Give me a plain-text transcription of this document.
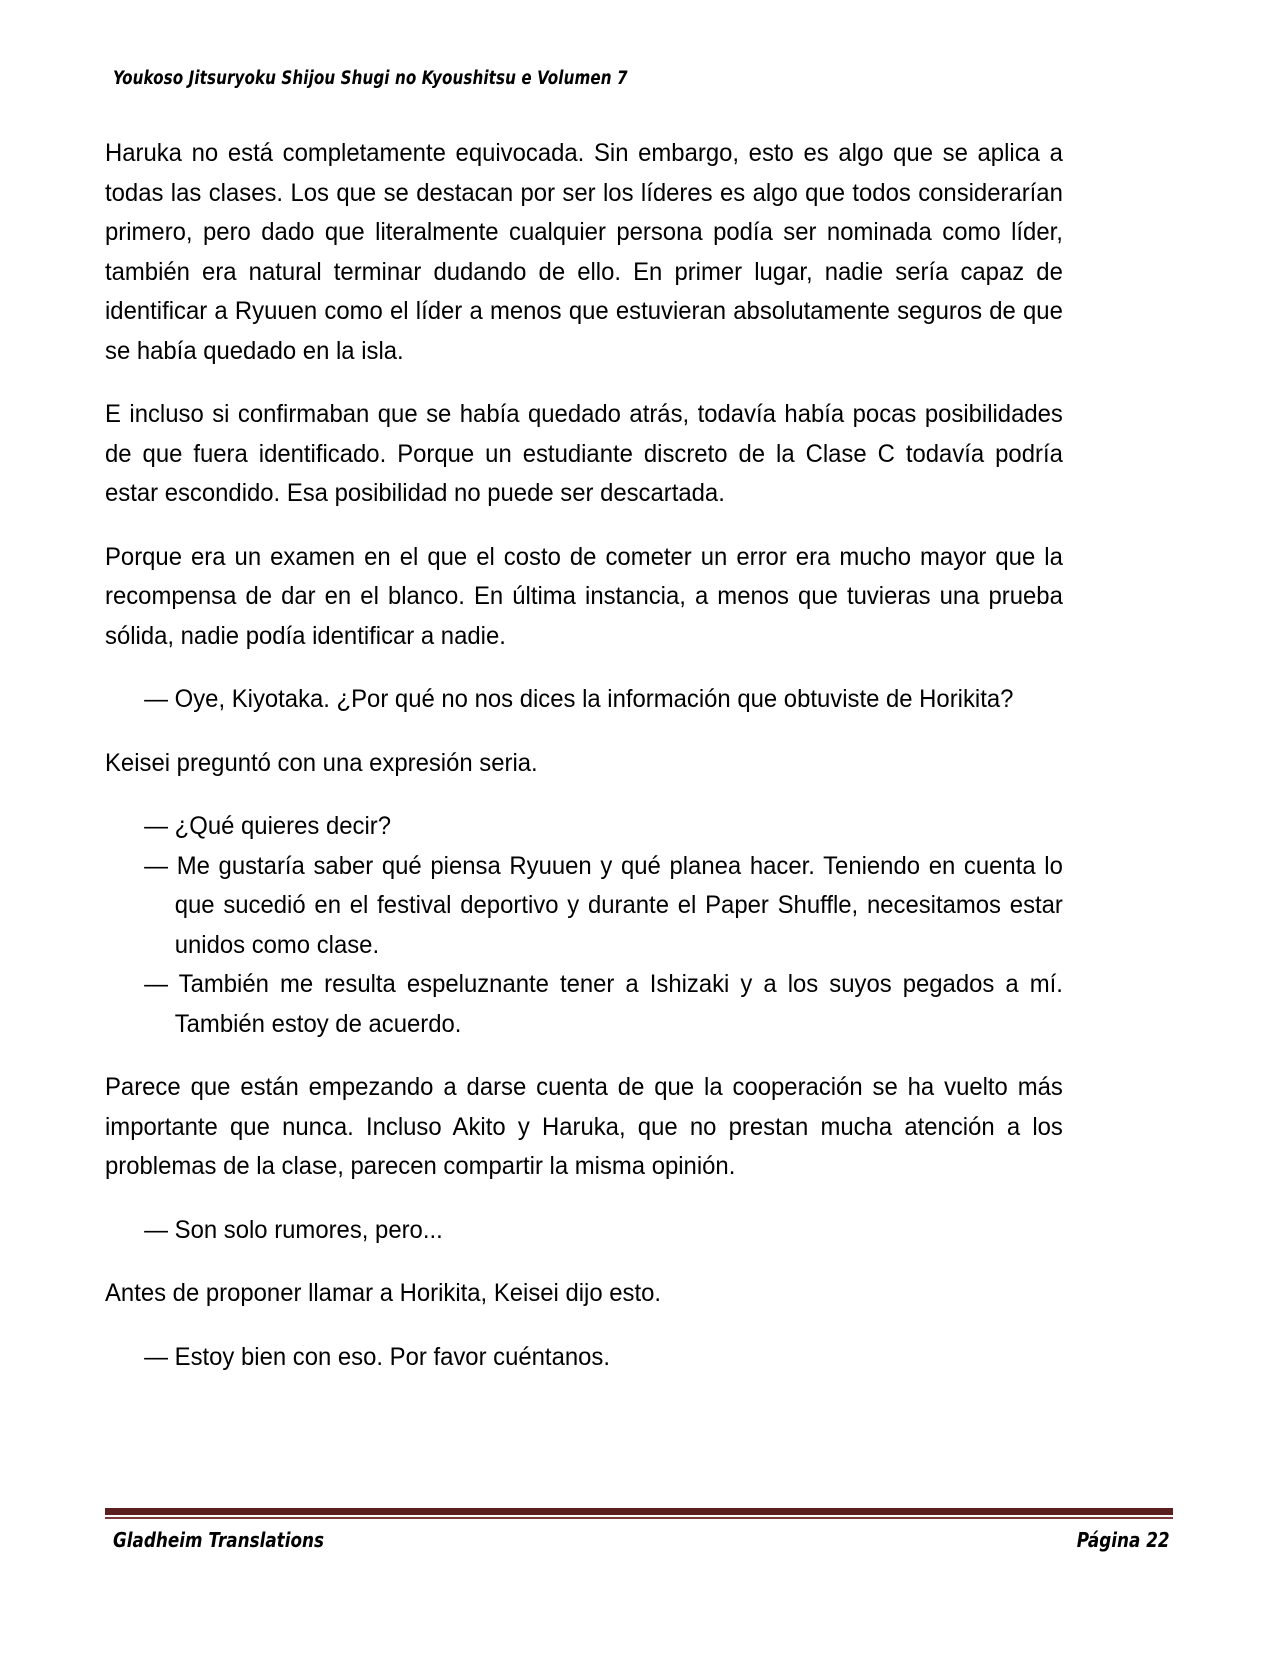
Youkoso Jitsuryoku Shijou Shugi no Kyoushitsu e Volumen 7

Haruka no está completamente equivocada. Sin embargo, esto es algo que se aplica a todas las clases. Los que se destacan por ser los líderes es algo que todos considerarían primero, pero dado que literalmente cualquier persona podía ser nominada como líder, también era natural terminar dudando de ello. En primer lugar, nadie sería capaz de identificar a Ryuuen como el líder a menos que estuvieran absolutamente seguros de que se había quedado en la isla.

E incluso si confirmaban que se había quedado atrás, todavía había pocas posibilidades de que fuera identificado. Porque un estudiante discreto de la Clase C todavía podría estar escondido. Esa posibilidad no puede ser descartada.

Porque era un examen en el que el costo de cometer un error era mucho mayor que la recompensa de dar en el blanco. En última instancia, a menos que tuvieras una prueba sólida, nadie podía identificar a nadie.

— Oye, Kiyotaka. ¿Por qué no nos dices la información que obtuviste de Horikita?

Keisei preguntó con una expresión seria.

— ¿Qué quieres decir?
— Me gustaría saber qué piensa Ryuuen y qué planea hacer. Teniendo en cuenta lo que sucedió en el festival deportivo y durante el Paper Shuffle, necesitamos estar unidos como clase.
— También me resulta espeluznante tener a Ishizaki y a los suyos pegados a mí. También estoy de acuerdo.

Parece que están empezando a darse cuenta de que la cooperación se ha vuelto más importante que nunca. Incluso Akito y Haruka, que no prestan mucha atención a los problemas de la clase, parecen compartir la misma opinión.

— Son solo rumores, pero...

Antes de proponer llamar a Horikita, Keisei dijo esto.

— Estoy bien con eso. Por favor cuéntanos.
Gladheim Translations	Página 22
